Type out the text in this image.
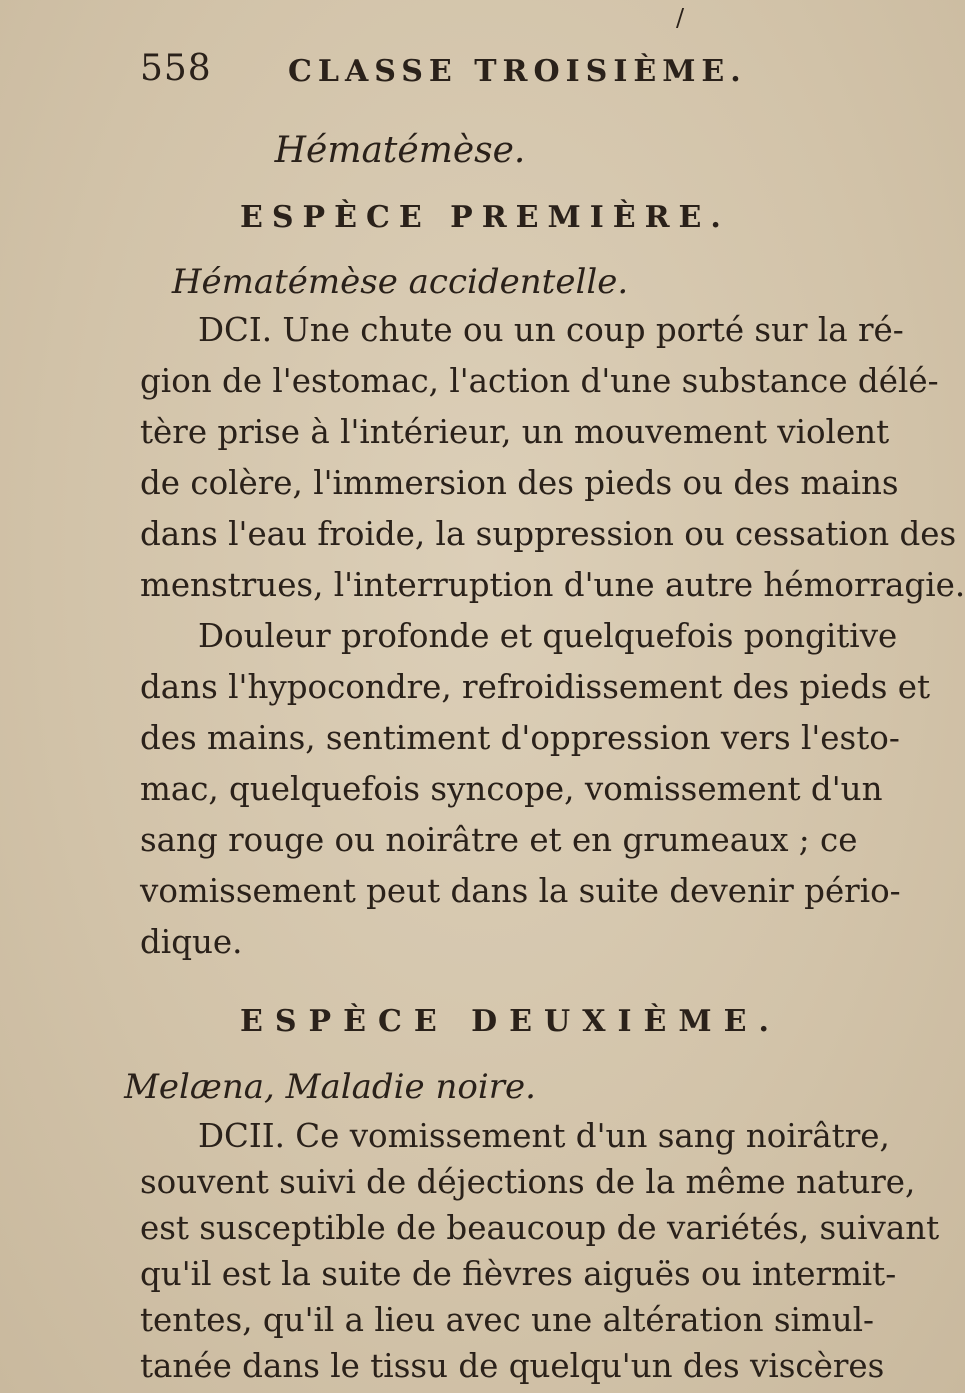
558	CLASSE TROISIÈME.
/
Hématémèse.
ESPÈCE PREMIÈRE.
Hématémèse accidentelle.
DCI. Une chute ou un coup porté sur la ré-
gion de l'estomac, l'action d'une substance délé-
tère prise à l'intérieur, un mouvement violent
de colère, l'immersion des pieds ou des mains
dans l'eau froide, la suppression ou cessation des
menstrues, l'interruption d'une autre hémorragie.
Douleur profonde et quelquefois pongitive
dans l'hypocondre, refroidissement des pieds et
des mains, sentiment d'oppression vers l'esto-
mac, quelquefois syncope, vomissement d'un
sang rouge ou noirâtre et en grumeaux ; ce
vomissement peut dans la suite devenir pério-
dique.
ESPÈCE DEUXIÈME.
Melæna, Maladie noire.
DCII. Ce vomissement d'un sang noirâtre,
souvent suivi de déjections de la même nature,
est susceptible de beaucoup de variétés, suivant
qu'il est la suite de fièvres aiguës ou intermit-
tentes, qu'il a lieu avec une altération simul-
tanée dans le tissu de quelqu'un des viscères
